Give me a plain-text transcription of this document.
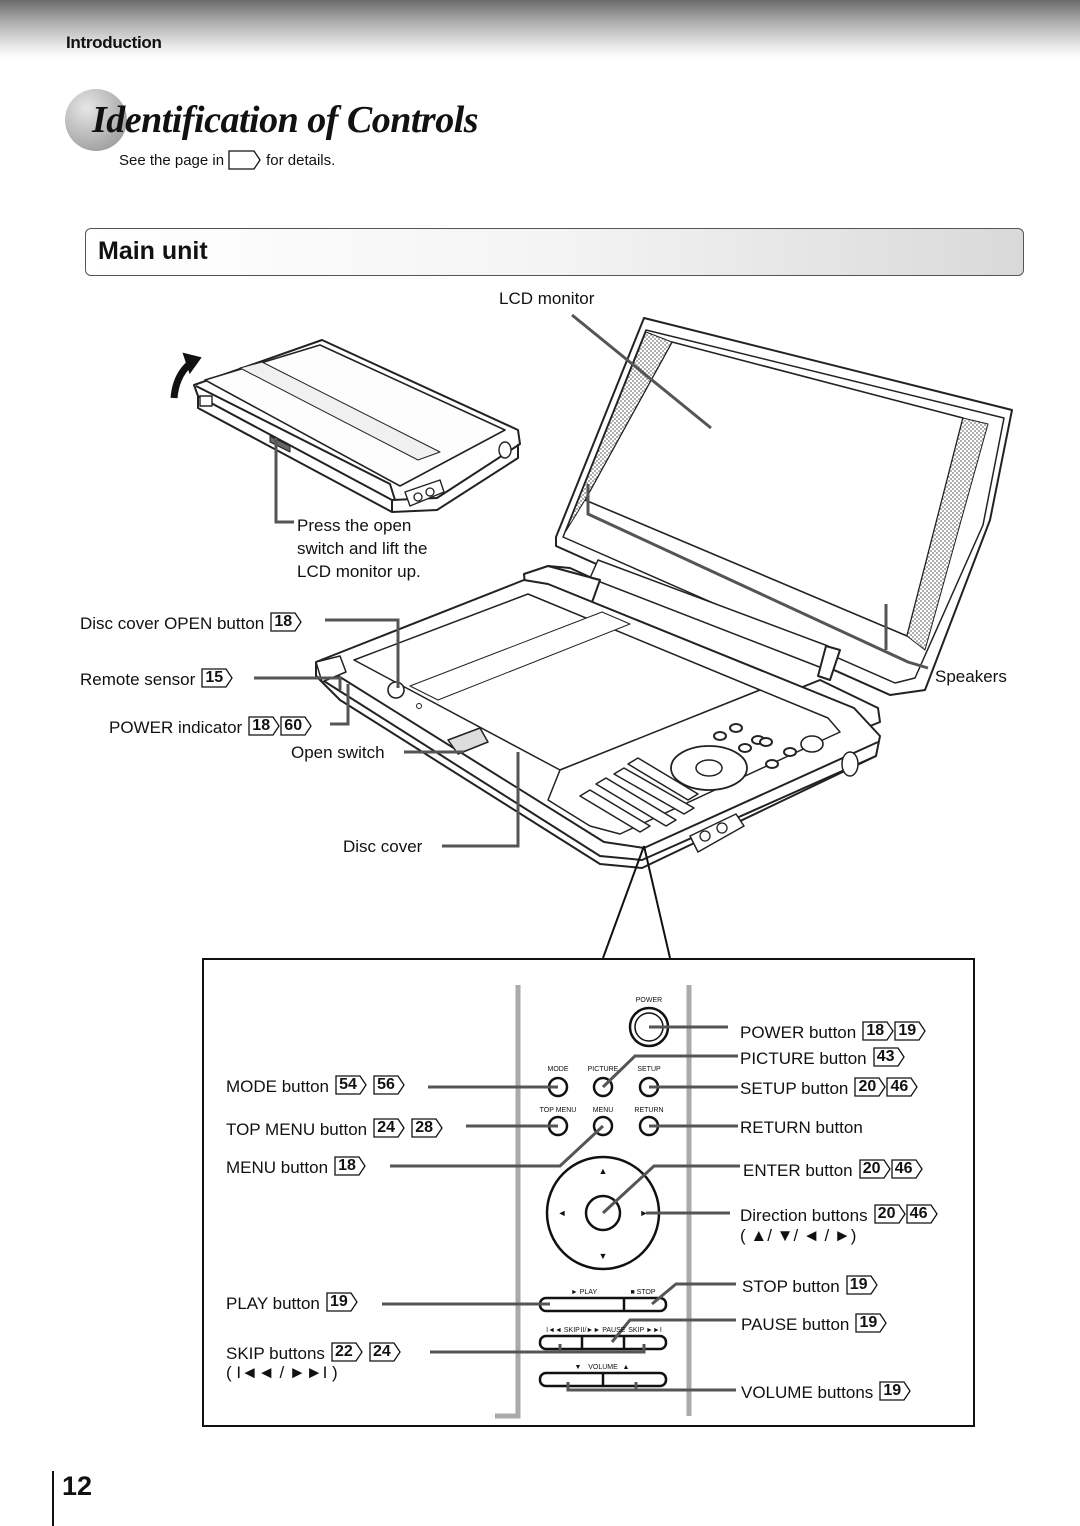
Introduction
Identification of Controls
See the page in	for details.
Main unit
POWER
MODE	PICTURE	SETUP
TOP MENU MENU	RETURN
► PLAY	■ STOP
I◄◄ SKIP II/►► PAUSE SKIP ►►I
▼ VOLUME ▲
▲
▼
◄	►
LCD monitor
Press the open
switch and lift the
LCD monitor up.
Disc cover OPEN button 18
Remote sensor 15
POWER indicator 18 60
Open switch
Disc cover
Speakers
MODE button 54 56
TOP MENU button 24 28
MENU button 18
PLAY button 19
SKIP buttons 22 24
( I◄◄ / ►►I )
POWER button 18 19
PICTURE button 43
SETUP button 20 46
RETURN button
ENTER button 20 46
Direction buttons 20 46
( ▲/ ▼/ ◄ / ►)
STOP button 19
PAUSE button 19
VOLUME buttons 19
12
